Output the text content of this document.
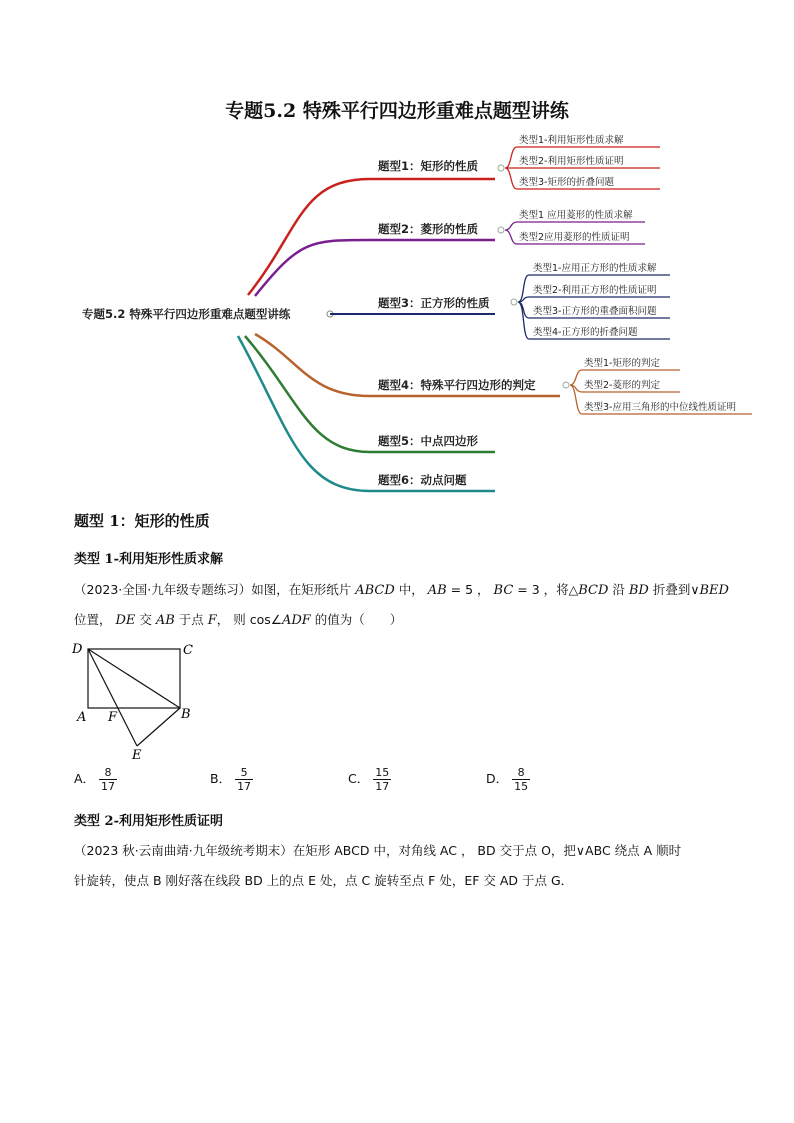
专题5.2 特殊平行四边形重难点题型讲练
专题5.2 特殊平行四边形重难点题型讲练
题型1：矩形的性质
题型2：菱形的性质
题型3：正方形的性质
题型4：特殊平行四边形的判定
题型5：中点四边形
题型6：动点问题
类型1-利用矩形性质求解
类型2-利用矩形性质证明
类型3-矩形的折叠问题
类型1 应用菱形的性质求解
类型2应用菱形的性质证明
类型1-应用正方形的性质求解
类型2-利用正方形的性质证明
类型3-正方形的重叠面积问题
类型4-正方形的折叠问题
类型1-矩形的判定
类型2-菱形的判定
类型3-应用三角形的中位线性质证明
题型 1：矩形的性质
类型 1-利用矩形性质求解
（2023·全国·九年级专题练习）如图，在矩形纸片 ABCD 中， AB = 5 ， BC = 3 ，将△BCD 沿 BD 折叠到∨BED
位置， DE 交 AB 于点 F， 则 cos∠ADF 的值为（　　）
D	C
A F	B
E
A． $\frac{8}{17}$	B． $\frac{5}{17}$	C． $\frac{15}{17}$	D． $\frac{8}{15}$
类型 2-利用矩形性质证明
（2023 秋·云南曲靖·九年级统考期末）在矩形 ABCD 中，对角线 AC ， BD 交于点 O，把∨ABC 绕点 A 顺时
针旋转，使点 B 刚好落在线段 BD 上的点 E 处，点 C 旋转至点 F 处，EF 交 AD 于点 G．
